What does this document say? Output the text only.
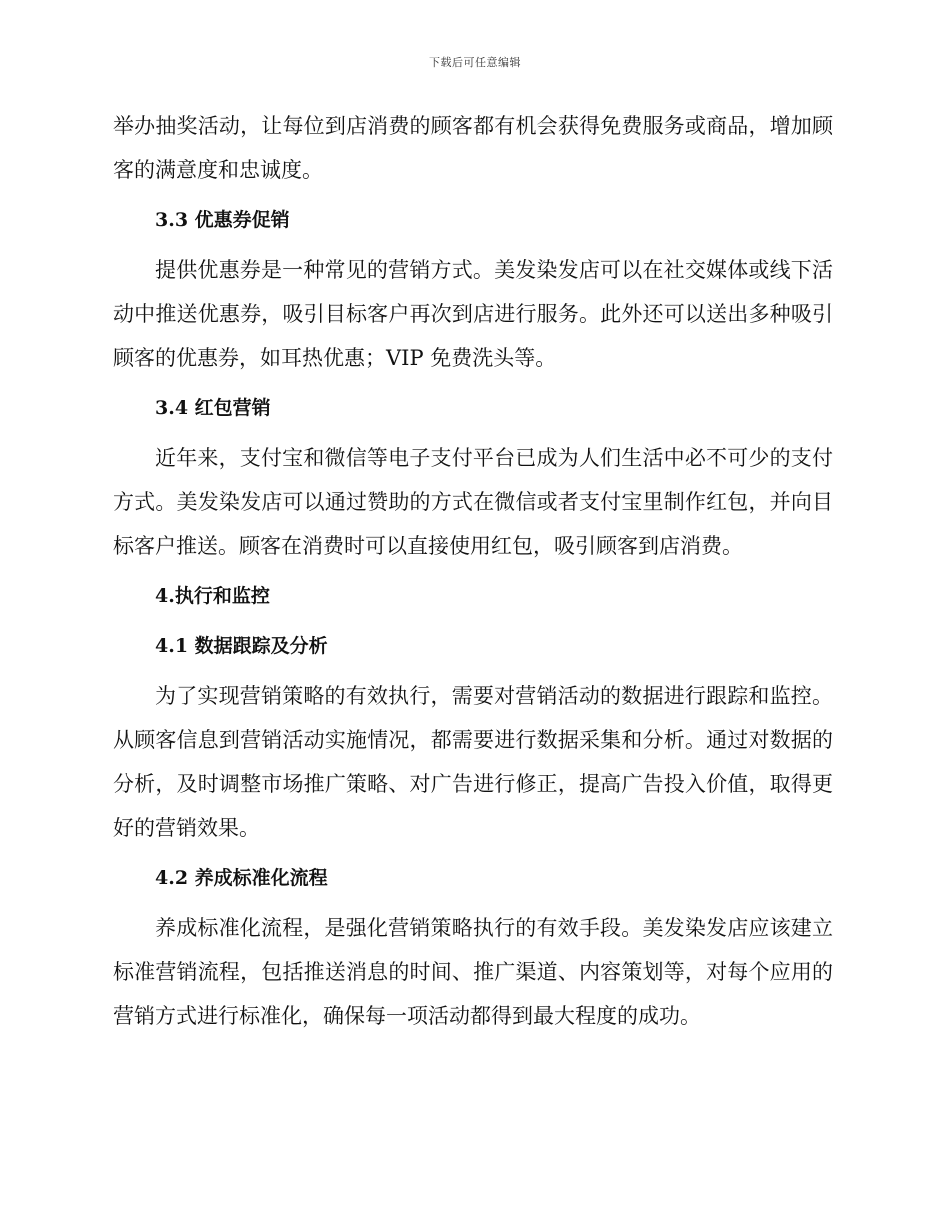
下载后可任意编辑

举办抽奖活动，让每位到店消费的顾客都有机会获得免费服务或商品，增加顾客的满意度和忠诚度。

3.3 优惠券促销

提供优惠券是一种常见的营销方式。美发染发店可以在社交媒体或线下活动中推送优惠券，吸引目标客户再次到店进行服务。此外还可以送出多种吸引顾客的优惠券，如耳热优惠；VIP 免费洗头等。

3.4 红包营销

近年来，支付宝和微信等电子支付平台已成为人们生活中必不可少的支付方式。美发染发店可以通过赞助的方式在微信或者支付宝里制作红包，并向目标客户推送。顾客在消费时可以直接使用红包，吸引顾客到店消费。

4.执行和监控
4.1 数据跟踪及分析

为了实现营销策略的有效执行，需要对营销活动的数据进行跟踪和监控。从顾客信息到营销活动实施情况，都需要进行数据采集和分析。通过对数据的分析，及时调整市场推广策略、对广告进行修正，提高广告投入价值，取得更好的营销效果。

4.2 养成标准化流程

养成标准化流程，是强化营销策略执行的有效手段。美发染发店应该建立标准营销流程，包括推送消息的时间、推广渠道、内容策划等，对每个应用的营销方式进行标准化，确保每一项活动都得到最大程度的成功。
